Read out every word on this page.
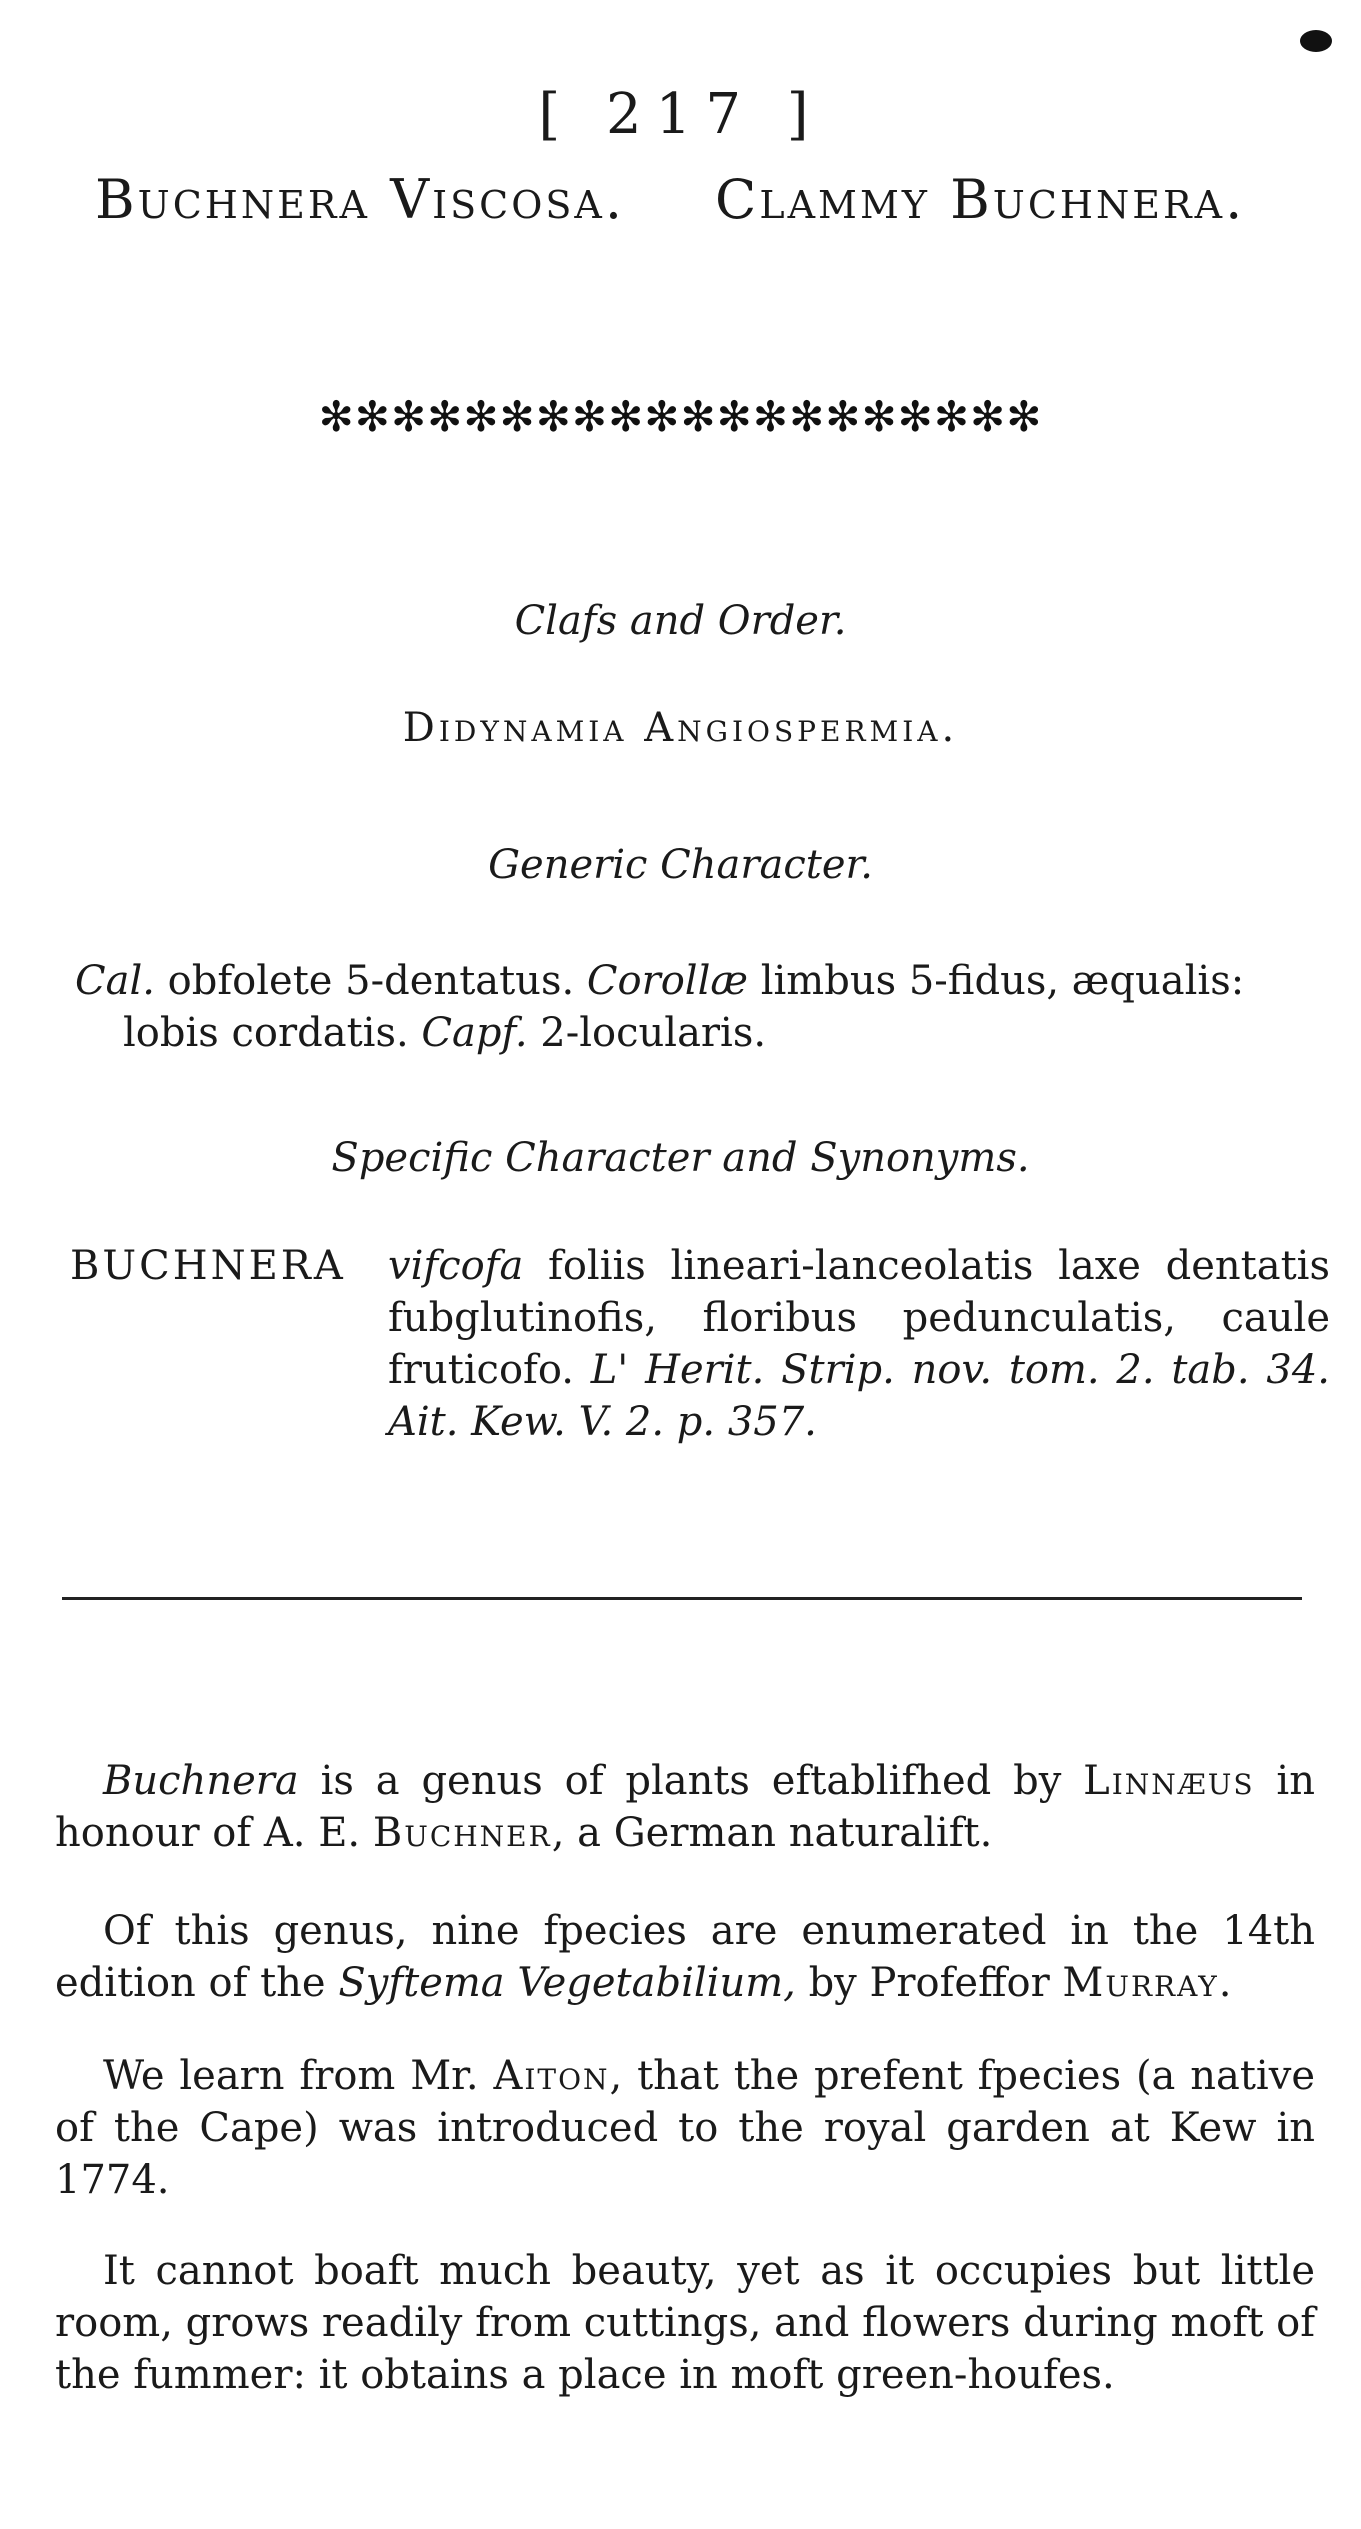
[ 217 ]
Buchnera Viscosa. Clammy Buchnera.
✻✻✻✻✻✻✻✻✻✻✻✻✻✻✻✻✻✻✻✻
Clafs and Order.
Didynamia Angiospermia.
Generic Character.
Cal. obfolete 5-dentatus. Corollæ limbus 5-fidus, æqualis:
lobis cordatis. Capf. 2-locularis.
Specific Character and Synonyms.
BUCHNERA vifcofa foliis lineari-lanceolatis laxe dentatis fubglutinofis, floribus pedunculatis, caule fruticofo. L' Herit. Strip. nov. tom. 2. tab. 34. Ait. Kew. V. 2. p. 357.
Buchnera is a genus of plants eftablifhed by Linnæus in honour of A. E. Buchner, a German naturalift.
Of this genus, nine fpecies are enumerated in the 14th edition of the Syftema Vegetabilium, by Profeffor Murray.
We learn from Mr. Aiton, that the prefent fpecies (a native of the Cape) was introduced to the royal garden at Kew in 1774.
It cannot boaft much beauty, yet as it occupies but little room, grows readily from cuttings, and flowers during moft of the fummer: it obtains a place in moft green-houfes.
